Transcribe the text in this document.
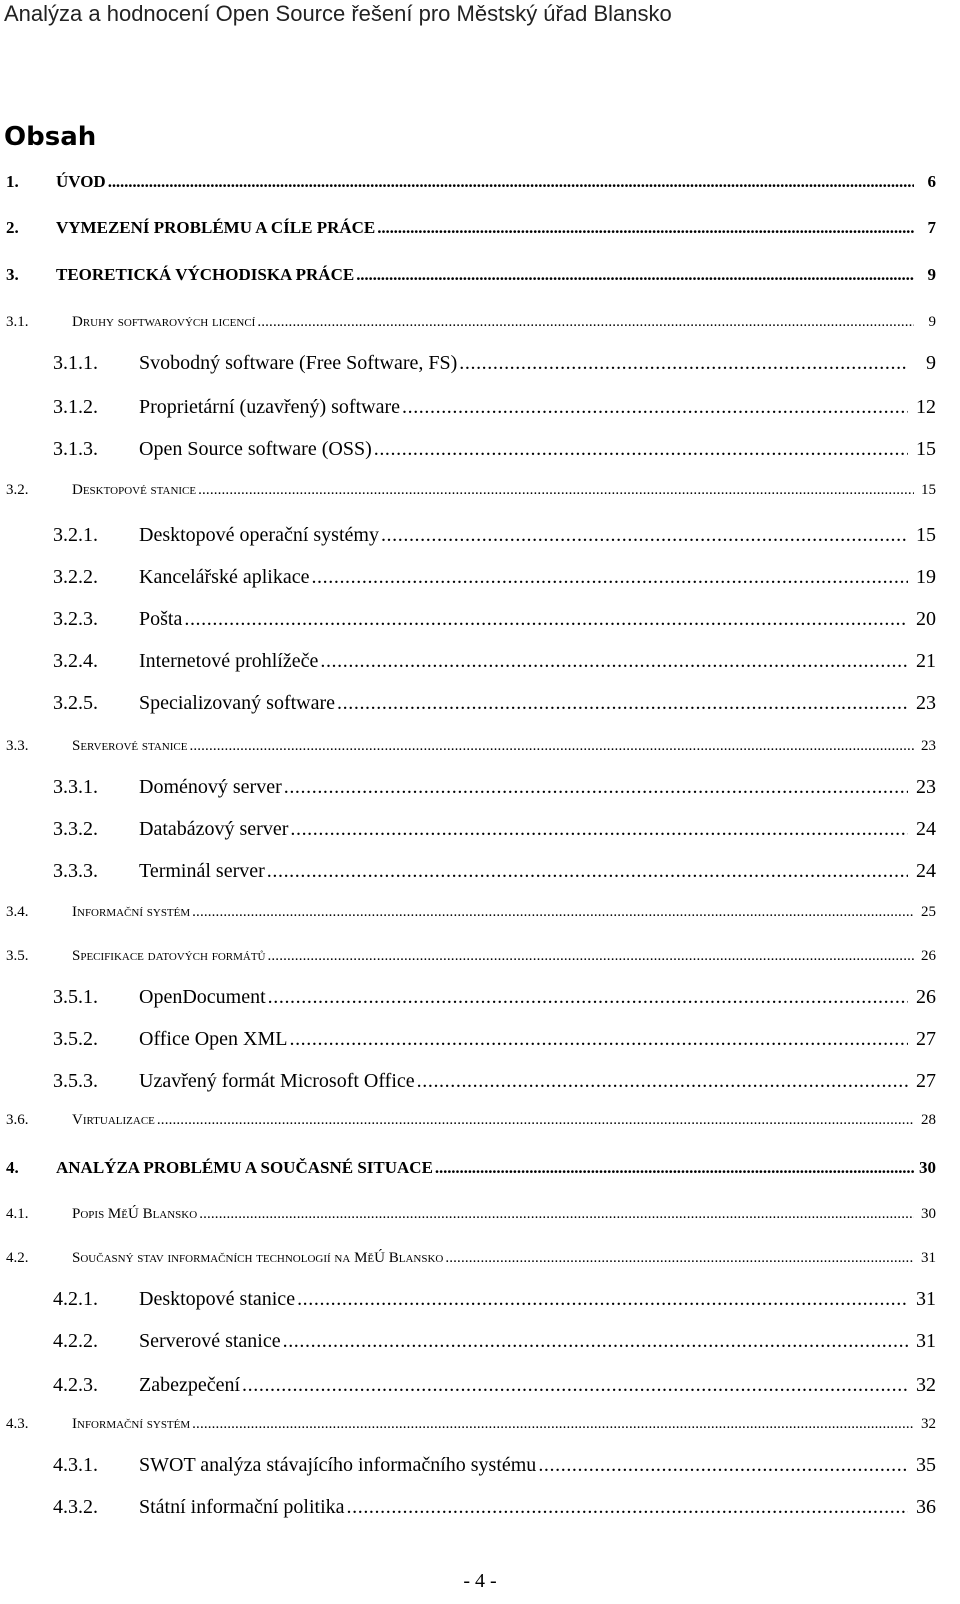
Analýza a hodnocení Open Source řešení pro Městský úřad Blansko
Obsah
1.	ÚVOD . . .	6
2.	VYMEZENÍ PROBLÉMU A CÍLE PRÁCE . . .	7
3.	TEORETICKÁ VÝCHODISKA PRÁCE . . .	9
3.1.	Druhy softwarových licencí . . .	9
3.1.1.	Svobodný software (Free Software, FS) . . .	9
3.1.2.	Proprietární (uzavřený) software . . .	12
3.1.3.	Open Source software (OSS) . . .	15
3.2.	Desktopové stanice . . .	15
3.2.1.	Desktopové operační systémy . . .	15
3.2.2.	Kancelářské aplikace . . .	19
3.2.3.	Pošta . . .	20
3.2.4.	Internetové prohlížeče . . .	21
3.2.5.	Specializovaný software . . .	23
3.3.	Serverové stanice . . .	23
3.3.1.	Doménový server . . .	23
3.3.2.	Databázový server . . .	24
3.3.3.	Terminál server . . .	24
3.4.	Informační systém . . .	25
3.5.	Specifikace datových formátů . . .	26
3.5.1.	OpenDocument . . .	26
3.5.2.	Office Open XML . . .	27
3.5.3.	Uzavřený formát Microsoft Office . . .	27
3.6.	Virtualizace . . .	28
4.	ANALÝZA PROBLÉMU A SOUČASNÉ SITUACE . . .	30
4.1.	Popis MěÚ Blansko . . .	30
4.2.	Současný stav informačních technologií na MěÚ Blansko . . .	31
4.2.1.	Desktopové stanice . . .	31
4.2.2.	Serverové stanice . . .	31
4.2.3.	Zabezpečení . . .	32
4.3.	Informační systém . . .	32
4.3.1.	SWOT analýza stávajícího informačního systému . . .	35
4.3.2.	Státní informační politika . . .	36
- 4 -
